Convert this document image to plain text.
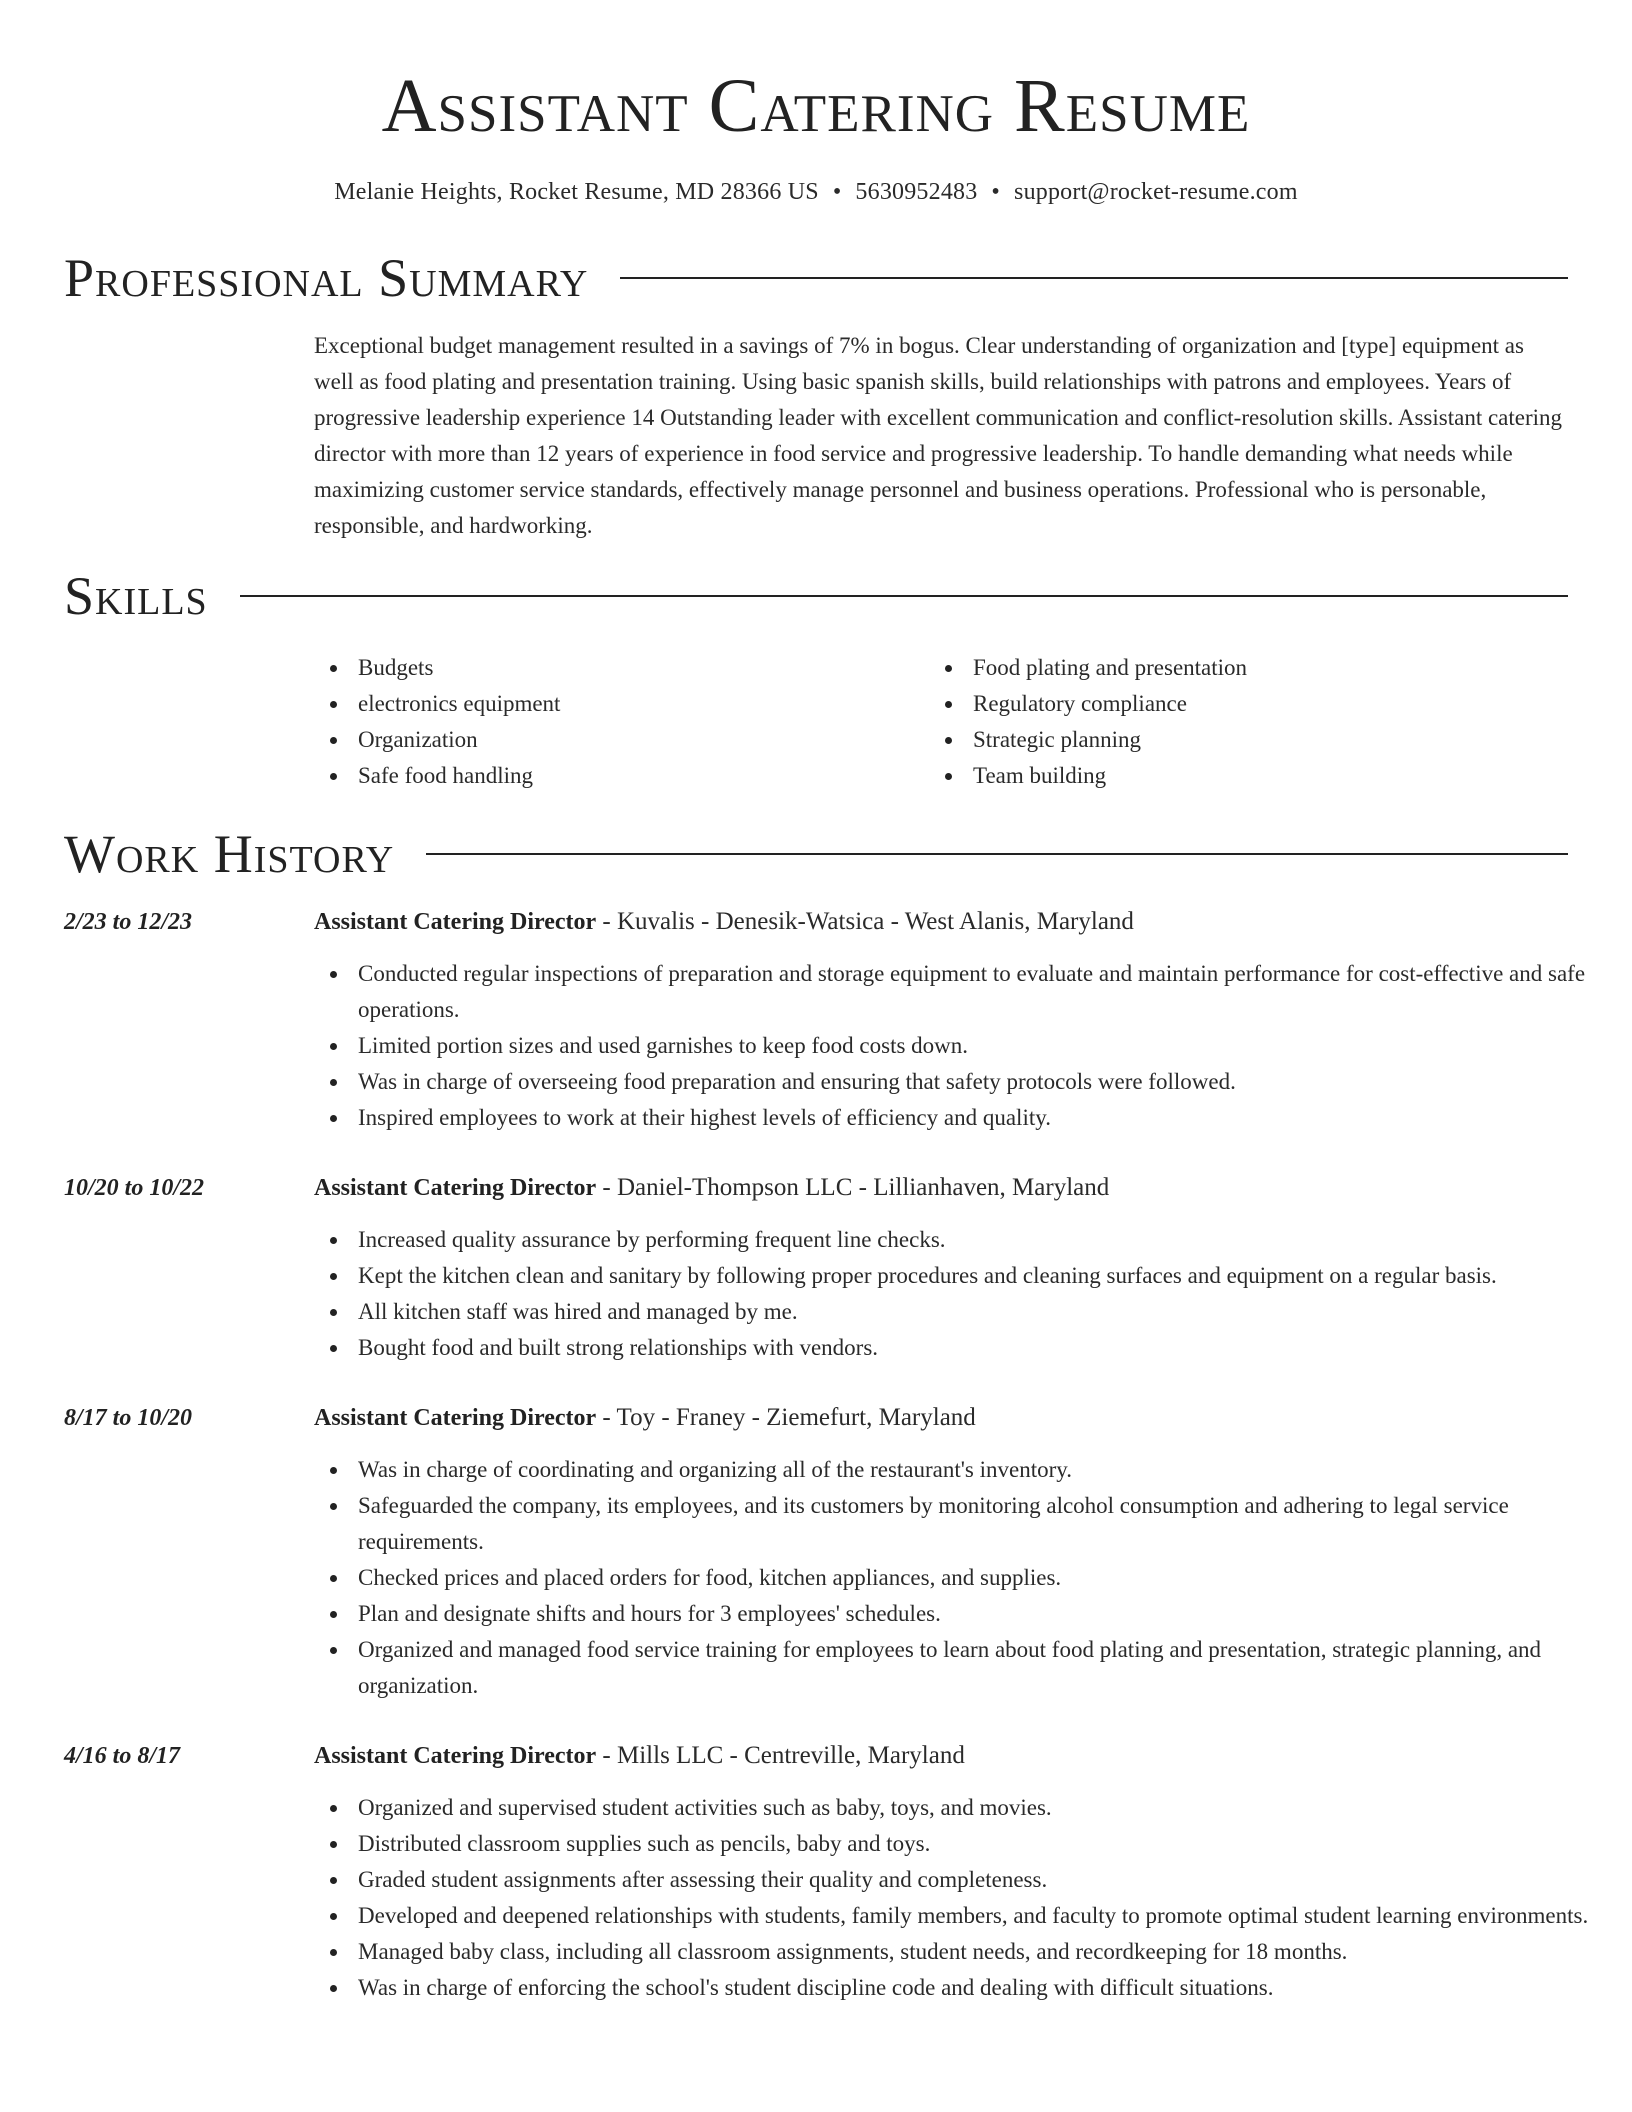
Assistant Catering Resume
Melanie Heights, Rocket Resume, MD 28366 US • 5630952483 • support@rocket-resume.com
Professional Summary

Exceptional budget management resulted in a savings of 7% in bogus. Clear understanding of organization and [type] equipment as well as food plating and presentation training. Using basic spanish skills, build relationships with patrons and employees. Years of progressive leadership experience 14 Outstanding leader with excellent communication and conflict-resolution skills. Assistant catering director with more than 12 years of experience in food service and progressive leadership. To handle demanding what needs while maximizing customer service standards, effectively manage personnel and business operations. Professional who is personable, responsible, and hardworking.

Skills
Budgets
electronics equipment
Organization
Safe food handling
Food plating and presentation
Regulatory compliance
Strategic planning
Team building
Work History
2/23 to 12/23	Assistant Catering Director - Kuvalis - Denesik-Watsica - West Alanis, Maryland
Conducted regular inspections of preparation and storage equipment to evaluate and maintain performance for cost-effective and safe operations.
Limited portion sizes and used garnishes to keep food costs down.
Was in charge of overseeing food preparation and ensuring that safety protocols were followed.
Inspired employees to work at their highest levels of efficiency and quality.
10/20 to 10/22	Assistant Catering Director - Daniel-Thompson LLC - Lillianhaven, Maryland
Increased quality assurance by performing frequent line checks.
Kept the kitchen clean and sanitary by following proper procedures and cleaning surfaces and equipment on a regular basis.
All kitchen staff was hired and managed by me.
Bought food and built strong relationships with vendors.
8/17 to 10/20	Assistant Catering Director - Toy - Franey - Ziemefurt, Maryland
Was in charge of coordinating and organizing all of the restaurant's inventory.
Safeguarded the company, its employees, and its customers by monitoring alcohol consumption and adhering to legal service requirements.
Checked prices and placed orders for food, kitchen appliances, and supplies.
Plan and designate shifts and hours for 3 employees' schedules.
Organized and managed food service training for employees to learn about food plating and presentation, strategic planning, and organization.
4/16 to 8/17	Assistant Catering Director - Mills LLC - Centreville, Maryland
Organized and supervised student activities such as baby, toys, and movies.
Distributed classroom supplies such as pencils, baby and toys.
Graded student assignments after assessing their quality and completeness.
Developed and deepened relationships with students, family members, and faculty to promote optimal student learning environments.
Managed baby class, including all classroom assignments, student needs, and recordkeeping for 18 months.
Was in charge of enforcing the school's student discipline code and dealing with difficult situations.
